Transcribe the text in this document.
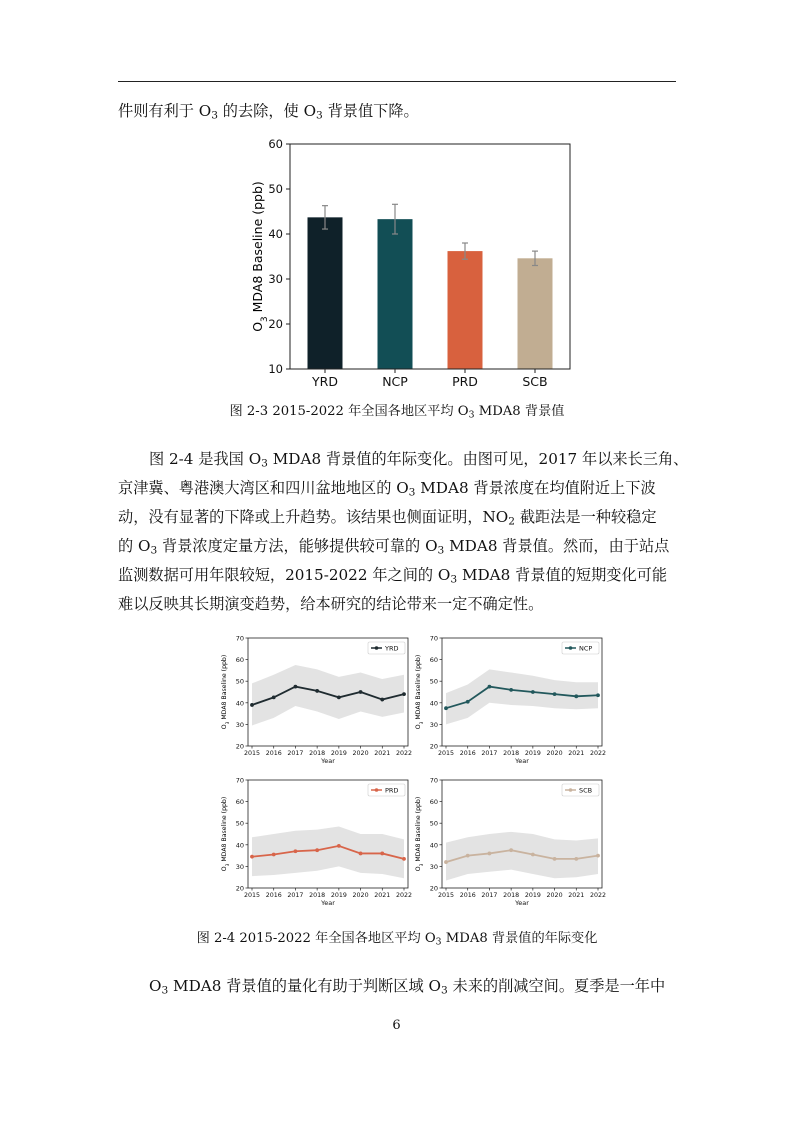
件则有利于 $O_3$ 的去除，使 $O_3$ 背景值下降。

YRD	NCP	PRD	SCB
10
20
30
40
50
60
$O_3$ MDA8 Baseline (ppb)
图 2-3 2015-2022 年全国各地区平均 $O_3$ MDA8 背景值

图 2-4 是我国 $O_3$ MDA8 背景值的年际变化。由图可见，2017 年以来长三角、
京津冀、粤港澳大湾区和四川盆地地区的 $O_3$ MDA8 背景浓度在均值附近上下波
动，没有显著的下降或上升趋势。该结果也侧面证明，$NO_2$ 截距法是一种较稳定
的 $O_3$ 背景浓度定量方法，能够提供较可靠的 $O_3$ MDA8 背景值。然而，由于站点
监测数据可用年限较短，2015-2022 年之间的 $O_3$ MDA8 背景值的短期变化可能
难以反映其长期演变趋势，给本研究的结论带来一定不确定性。

20
30
40
50
60
70
2015 2016 2017 2018 2019 2020 2021 2022
Year
$O_3$ MDA8 Baseline (ppb)
YRD
20
30
40
50
60
70
2015 2016 2017 2018 2019 2020 2021 2022
Year
$O_3$ MDA8 Baseline (ppb)
NCP
20
30
40
50
60
70
2015 2016 2017 2018 2019 2020 2021 2022
Year
$O_3$ MDA8 Baseline (ppb)
PRD
20
30
40
50
60
70
2015 2016 2017 2018 2019 2020 2021 2022
Year
$O_3$ MDA8 Baseline (ppb)
SCB
图 2-4 2015-2022 年全国各地区平均 $O_3$ MDA8 背景值的年际变化

$O_3$ MDA8 背景值的量化有助于判断区域 $O_3$ 未来的削减空间。夏季是一年中

6
